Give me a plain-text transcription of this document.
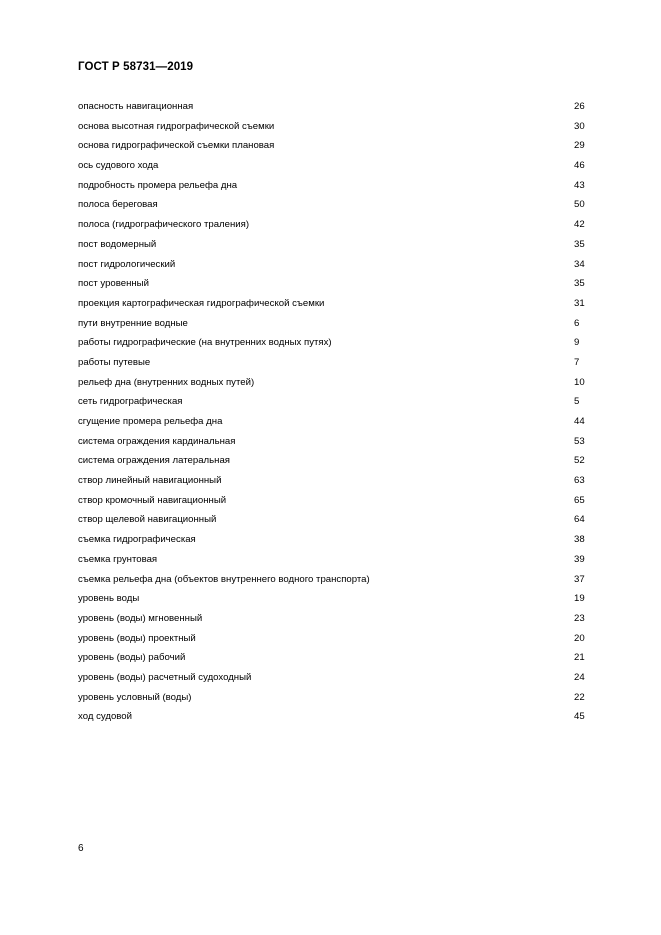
ГОСТ Р 58731—2019
опасность навигационная	26
основа высотная гидрографической съемки	30
основа гидрографической съемки плановая	29
ось судового хода	46
подробность промера рельефа дна	43
полоса береговая	50
полоса (гидрографического траления)	42
пост водомерный	35
пост гидрологический	34
пост уровенный	35
проекция картографическая гидрографической съемки	31
пути внутренние водные	6
работы гидрографические (на внутренних водных путях)	9
работы путевые	7
рельеф дна (внутренних водных путей)	10
сеть гидрографическая	5
сгущение промера рельефа дна	44
система ограждения кардинальная	53
система ограждения латеральная	52
створ линейный навигационный	63
створ кромочный навигационный	65
створ щелевой навигационный	64
съемка гидрографическая	38
съемка грунтовая	39
съемка рельефа дна (объектов внутреннего водного транспорта)	37
уровень воды	19
уровень (воды) мгновенный	23
уровень (воды) проектный	20
уровень (воды) рабочий	21
уровень (воды) расчетный судоходный	24
уровень условный (воды)	22
ход судовой	45
6
